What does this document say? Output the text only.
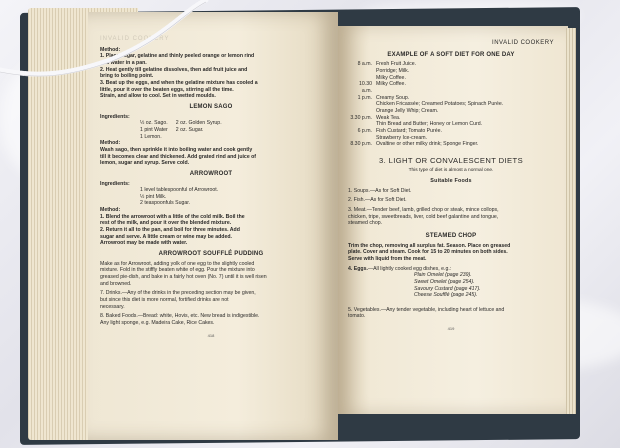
INVALID COOKERY

Method:

1. Place sugar, gelatine and thinly peeled orange or lemon rind
and water in a pan.

2. Heat gently till gelatine dissolves, then add fruit juice and
bring to boiling point.

3. Beat up the eggs, and when the gelatine mixture has cooled a
little, pour it over the beaten eggs, stirring all the time.
Strain, and allow to cool. Set in wetted moulds.

LEMON SAGO

Ingredients:

½ oz. Sago.
1 pint Water
1 Lemon.
2 oz. Golden Syrup.
2 oz. Sugar.

Method:

Wash sago, then sprinkle it into boiling water and cook gently
till it becomes clear and thickened. Add grated rind and juice of
lemon, sugar and syrup. Serve cold.

ARROWROOT

Ingredients:

1 level tablespoonful of Arrowroot.
½ pint Milk.
2 teaspoonfuls Sugar.

Method:

1. Blend the arrowroot with a little of the cold milk. Boil the
rest of the milk, and pour it over the blended mixture.

2. Return it all to the pan, and boil for three minutes. Add
sugar and serve. A little cream or wine may be added.
Arrowroot may be made with water.

ARROWROOT SOUFFLÉ PUDDING

Make as for Arrowroot, adding yolk of one egg to the slightly cooled
mixture. Fold in the stiffly beaten white of egg. Pour the mixture into
greased pie-dish, and bake in a fairly hot oven (No. 7) until it is well risen
and browned.

7. Drinks.—Any of the drinks in the preceding section may be given,
but since this diet is more normal, fortified drinks are not
necessary.

8. Baked Foods.—Bread: white, Hovis, etc. New bread is indigestible.
Any light sponge, e.g. Madeira Cake, Rice Cakes.

418
INVALID COOKERY
EXAMPLE OF A SOFT DIET FOR ONE DAY
8 a.m. Fresh Fruit Juice.
Porridge; Milk.
Milky Coffee.
10.30 a.m.
Milky Coffee.
1 p.m. Creamy Soup.
Chicken Fricassée; Creamed Potatoes; Spinach Purée.
Orange Jelly Whip; Cream.
3.30 p.m. Weak Tea.
Thin Bread and Butter; Honey or Lemon Curd.
6 p.m. Fish Custard; Tomato Purée.
Strawberry Ice-cream.
8.30 p.m. Ovaltine or other milky drink; Sponge Finger.
3. LIGHT OR CONVALESCENT DIETS
This type of diet is almost a normal one.
Suitable Foods

1. Soups.—As for Soft Diet.

2. Fish.—As for Soft Diet.

3. Meat.—Tender beef, lamb, grilled chop or steak, mince collops,
chicken, tripe, sweetbreads, liver, cold beef galantine and tongue,
steamed chop.

STEAMED CHOP

Trim the chop, removing all surplus fat. Season. Place on greased
plate. Cover and steam. Cook for 15 to 20 minutes on both sides.
Serve with liquid from the meat.

4. Eggs.—All lightly cooked egg dishes, e.g.:

Plain Omelet (page 239).
Sweet Omelet (page 254).
Savoury Custard (page 417).
Cheese Soufflé (page 245).

5. Vegetables.—Any tender vegetable, including heart of lettuce and
tomato.

419
